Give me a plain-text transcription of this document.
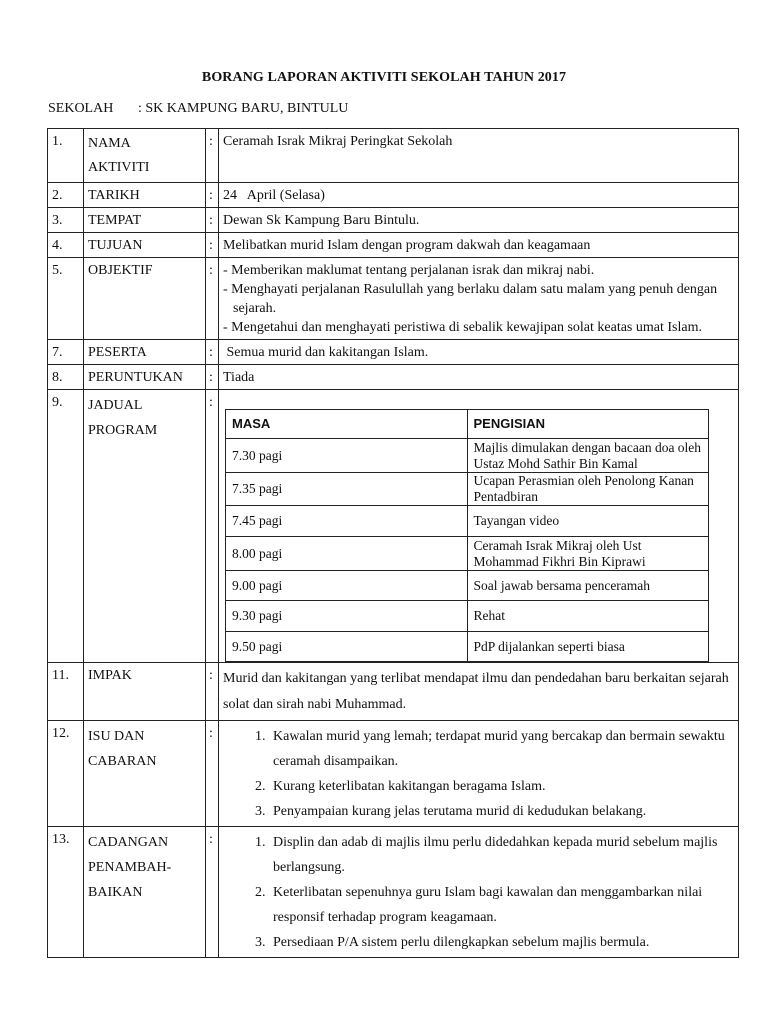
BORANG LAPORAN AKTIVITI SEKOLAH TAHUN 2017
SEKOLAH : SK KAMPUNG BARU, BINTULU
1.	NAMA
AKTIVITI
	:	Ceramah Israk Mikraj Peringkat Sekolah
2.	TARIKH	:	24   April (Selasa)
3.	TEMPAT	:	Dewan Sk Kampung Baru Bintulu.
4.	TUJUAN	:	Melibatkan murid Islam dengan program dakwah dan keagamaan
5.	OBJEKTIF	:	- Memberikan maklumat tentang perjalanan israk dan mikraj nabi.
- Menghayati perjalanan Rasulullah yang berlaku dalam satu malam yang penuh dengan sejarah.
- Mengetahui dan menghayati peristiwa di sebalik kewajipan solat keatas umat Islam.

7.	PESERTA	:	Semua murid dan kakitangan Islam.
8.	PERUNTUKAN	:	Tiada
9.	JADUAL
PROGRAM
	:	
MASA	PENGISIAN
7.30 pagi	Majlis dimulakan dengan bacaan doa oleh Ustaz Mohd Sathir Bin Kamal
7.35 pagi	Ucapan Perasmian oleh Penolong Kanan Pentadbiran
7.45 pagi	Tayangan video
8.00 pagi	Ceramah Israk Mikraj oleh Ust Mohammad Fikhri Bin Kiprawi
9.00 pagi	Soal jawab bersama penceramah
9.30 pagi	Rehat
9.50 pagi	PdP dijalankan seperti biasa

11.	IMPAK	:	Murid dan kakitangan yang terlibat mendapat ilmu dan pendedahan baru berkaitan sejarah solat dan sirah nabi Muhammad.
12.	ISU DAN
CABARAN
	:	
1.Kawalan murid yang lemah; terdapat murid yang bercakap dan bermain sewaktu ceramah disampaikan.
2. Kurang keterlibatan kakitangan beragama Islam.
3. Penyampaian kurang jelas terutama murid di kedudukan belakang.

13.	CADANGAN
PENAMBAH-
BAIKAN
	:	
1.Displin dan adab di majlis ilmu perlu didedahkan kepada murid sebelum majlis berlangsung.
2. Keterlibatan sepenuhnya guru Islam bagi kawalan dan menggambarkan nilai responsif terhadap program keagamaan.
3. Persediaan P/A sistem perlu dilengkapkan sebelum majlis bermula.
